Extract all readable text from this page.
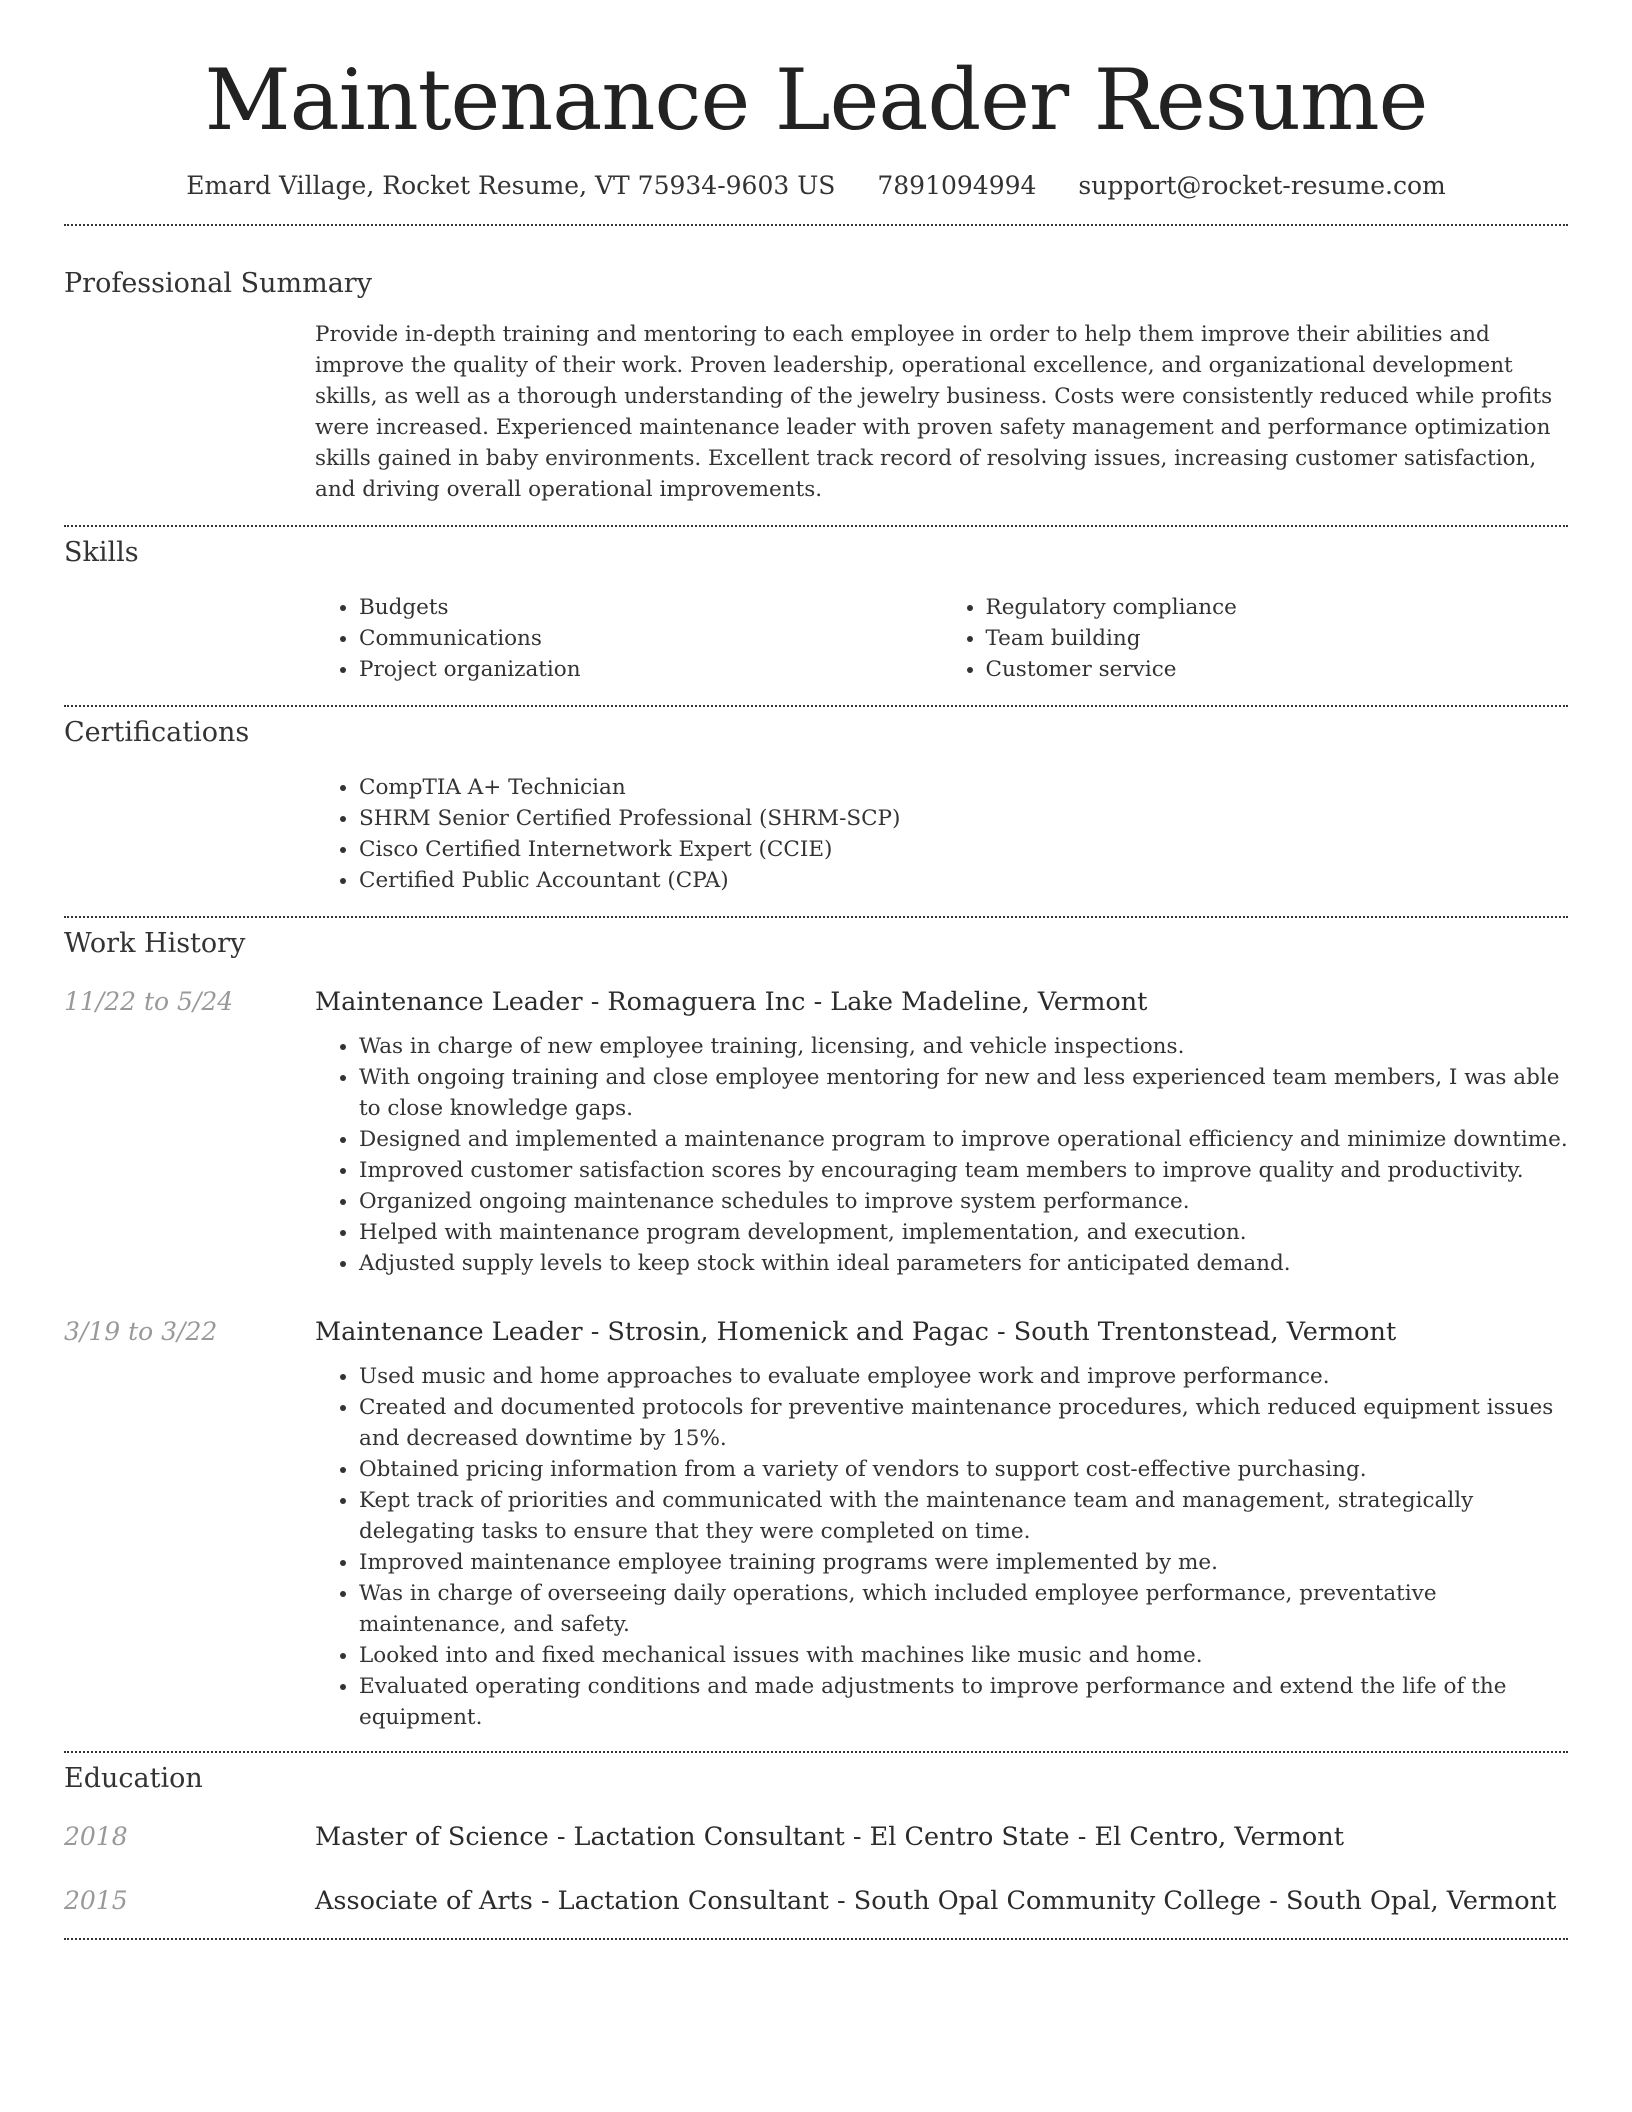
Maintenance Leader Resume
Emard Village, Rocket Resume, VT 75934-9603 US 7891094994 support@rocket-resume.com
Professional Summary
Provide in-depth training and mentoring to each employee in order to help them improve their abilities and improve the quality of their work. Proven leadership, operational excellence, and organizational development skills, as well as a thorough understanding of the jewelry business. Costs were consistently reduced while profits were increased. Experienced maintenance leader with proven safety management and performance optimization skills gained in baby environments. Excellent track record of resolving issues, increasing customer satisfaction, and driving overall operational improvements.
Skills
• Budgets
• Communications
• Project organization
• Regulatory compliance
• Team building
• Customer service
Certifications
• CompTIA A+ Technician
• SHRM Senior Certified Professional (SHRM-SCP)
• Cisco Certified Internetwork Expert (CCIE)
• Certified Public Accountant (CPA)
Work History
11/22 to 5/24	Maintenance Leader - Romaguera Inc - Lake Madeline, Vermont
• Was in charge of new employee training, licensing, and vehicle inspections.
• With ongoing training and close employee mentoring for new and less experienced team members, I was able to close knowledge gaps.
• Designed and implemented a maintenance program to improve operational efficiency and minimize downtime.
• Improved customer satisfaction scores by encouraging team members to improve quality and productivity.
• Organized ongoing maintenance schedules to improve system performance.
• Helped with maintenance program development, implementation, and execution.
• Adjusted supply levels to keep stock within ideal parameters for anticipated demand.
3/19 to 3/22	Maintenance Leader - Strosin, Homenick and Pagac - South Trentonstead, Vermont
• Used music and home approaches to evaluate employee work and improve performance.
• Created and documented protocols for preventive maintenance procedures, which reduced equipment issues and decreased downtime by 15%.
• Obtained pricing information from a variety of vendors to support cost-effective purchasing.
• Kept track of priorities and communicated with the maintenance team and management, strategically delegating tasks to ensure that they were completed on time.
• Improved maintenance employee training programs were implemented by me.
• Was in charge of overseeing daily operations, which included employee performance, preventative maintenance, and safety.
• Looked into and fixed mechanical issues with machines like music and home.
• Evaluated operating conditions and made adjustments to improve performance and extend the life of the equipment.
Education
2018	Master of Science - Lactation Consultant - El Centro State - El Centro, Vermont
2015	Associate of Arts - Lactation Consultant - South Opal Community College - South Opal, Vermont
